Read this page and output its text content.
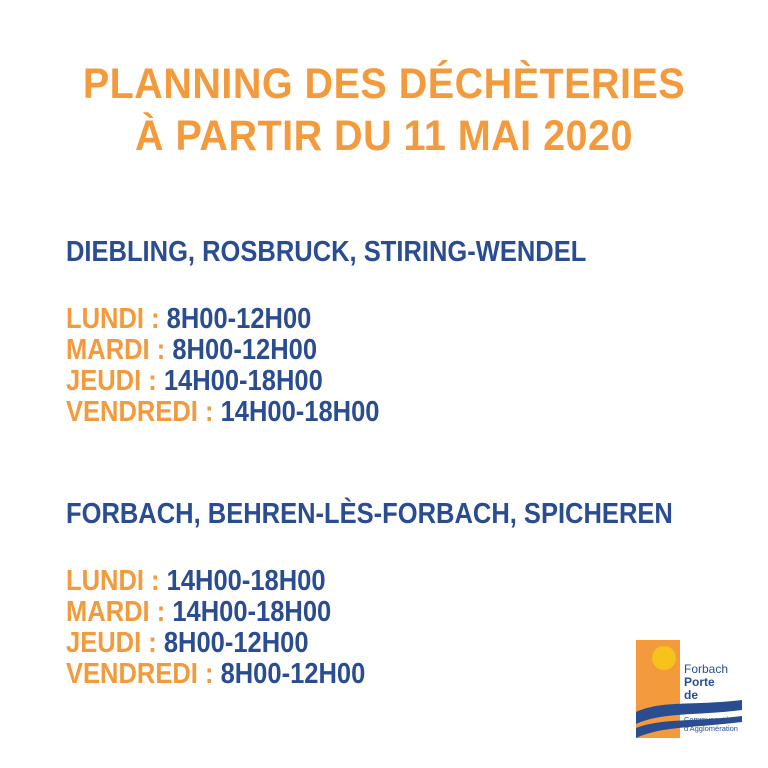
PLANNING DES DÉCHÈTERIES
À PARTIR DU 11 MAI 2020
DIEBLING, ROSBRUCK, STIRING-WENDEL
LUNDI : 8H00-12H00
MARDI : 8H00-12H00
JEUDI : 14H00-18H00
VENDREDI : 14H00-18H00
FORBACH, BEHREN-LÈS-FORBACH, SPICHEREN
LUNDI : 14H00-18H00
MARDI : 14H00-18H00
JEUDI : 8H00-12H00
VENDREDI : 8H00-12H00	Forbach
Porte de France
Communauté d'Agglomération
